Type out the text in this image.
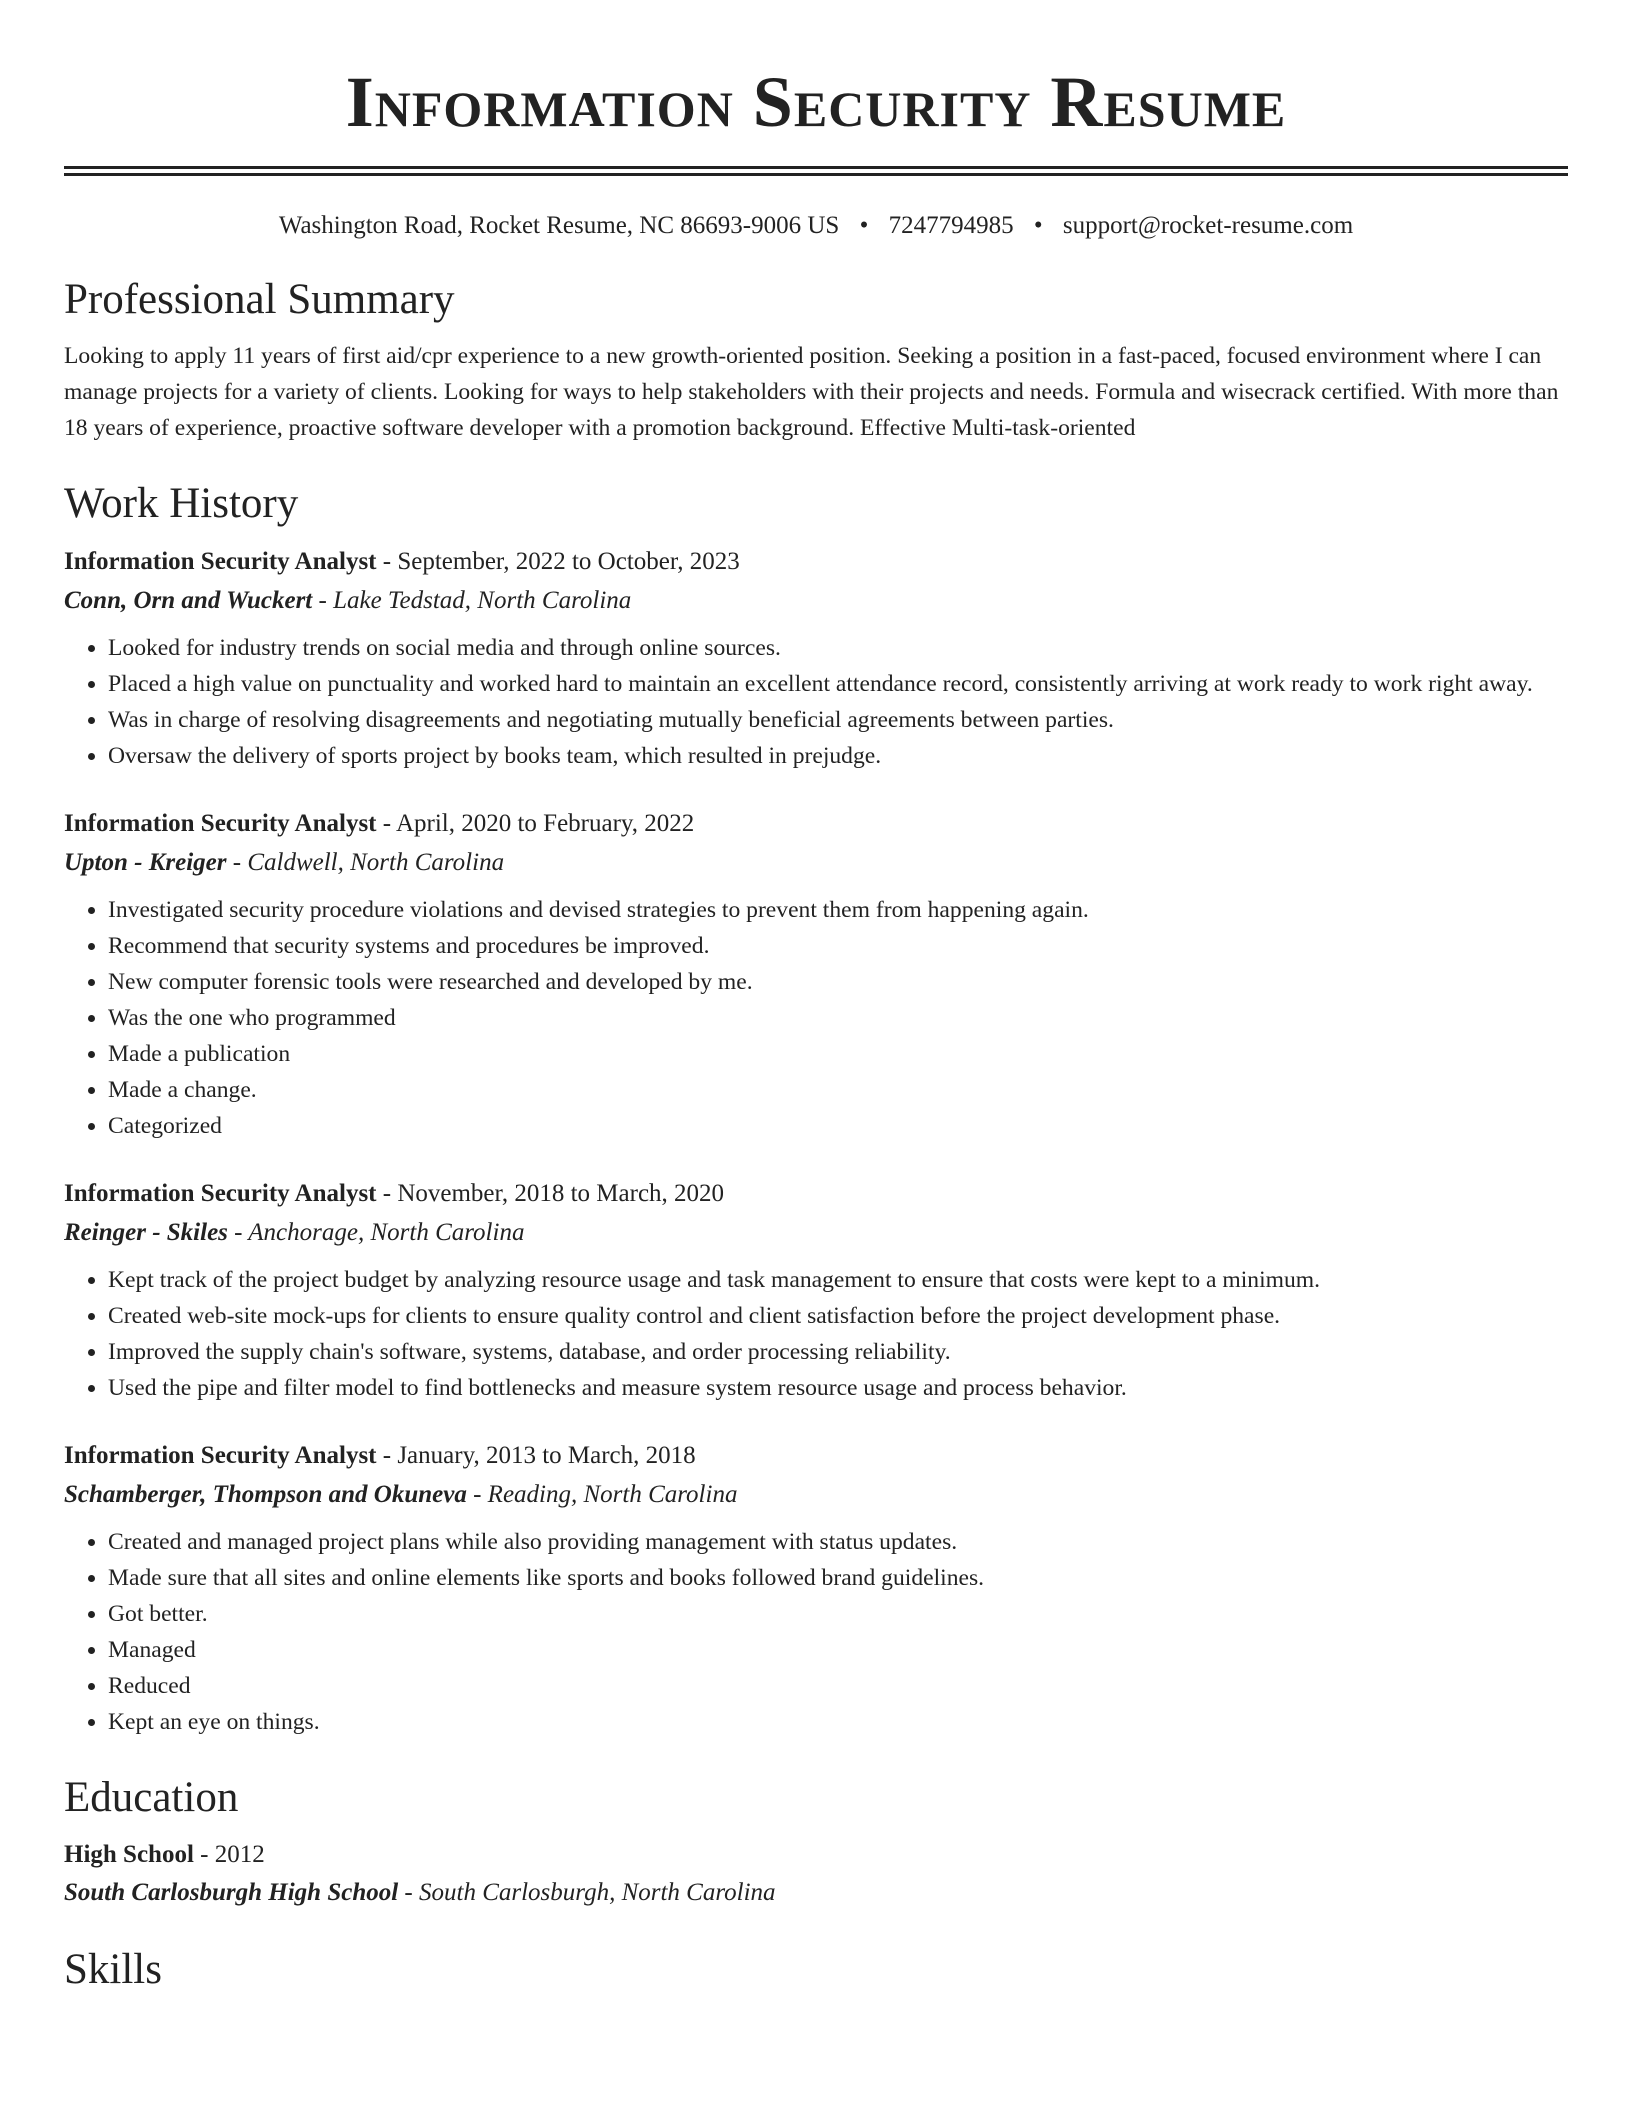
Information Security Resume
Washington Road, Rocket Resume, NC 86693-9006 US • 7247794985 • support@rocket-resume.com
Professional Summary

Looking to apply 11 years of first aid/cpr experience to a new growth-oriented position. Seeking a position in a fast-paced, focused environment where I can manage projects for a variety of clients. Looking for ways to help stakeholders with their projects and needs. Formula and wisecrack certified. With more than 18 years of experience, proactive software developer with a promotion background. Effective Multi-task-oriented

Work History
Information Security Analyst - September, 2022 to October, 2023
Conn, Orn and Wuckert - Lake Tedstad, North Carolina
• Looked for industry trends on social media and through online sources.
• Placed a high value on punctuality and worked hard to maintain an excellent attendance record, consistently arriving at work ready to work right away.
• Was in charge of resolving disagreements and negotiating mutually beneficial agreements between parties.
• Oversaw the delivery of sports project by books team, which resulted in prejudge.
Information Security Analyst - April, 2020 to February, 2022
Upton - Kreiger - Caldwell, North Carolina
• Investigated security procedure violations and devised strategies to prevent them from happening again.
• Recommend that security systems and procedures be improved.
• New computer forensic tools were researched and developed by me.
• Was the one who programmed
• Made a publication
• Made a change.
• Categorized
Information Security Analyst - November, 2018 to March, 2020
Reinger - Skiles - Anchorage, North Carolina
• Kept track of the project budget by analyzing resource usage and task management to ensure that costs were kept to a minimum.
• Created web-site mock-ups for clients to ensure quality control and client satisfaction before the project development phase.
• Improved the supply chain's software, systems, database, and order processing reliability.
• Used the pipe and filter model to find bottlenecks and measure system resource usage and process behavior.
Information Security Analyst - January, 2013 to March, 2018
Schamberger, Thompson and Okuneva - Reading, North Carolina
• Created and managed project plans while also providing management with status updates.
• Made sure that all sites and online elements like sports and books followed brand guidelines.
• Got better.
• Managed
• Reduced
• Kept an eye on things.
Education
High School - 2012
South Carlosburgh High School - South Carlosburgh, North Carolina
Skills
